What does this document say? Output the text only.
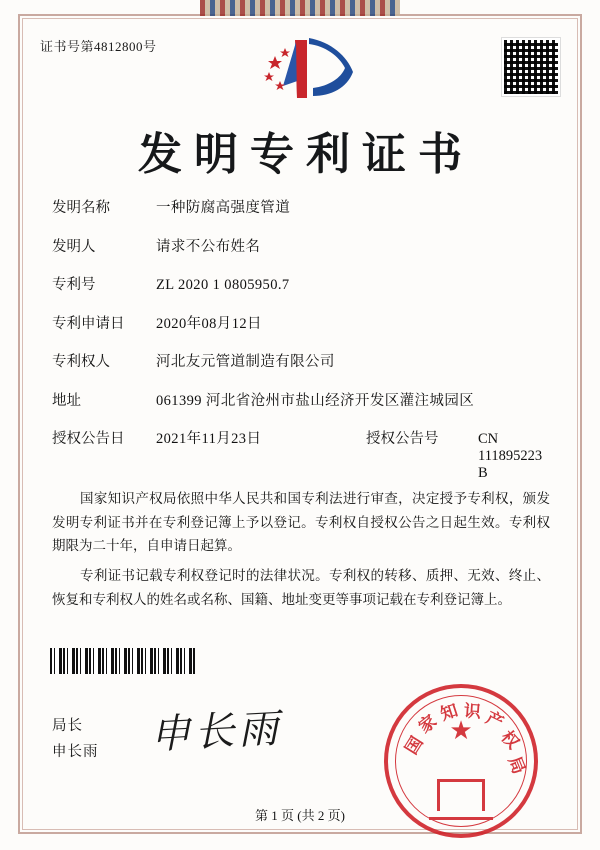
证书号第4812800号
发明专利证书
发明名称	一种防腐高强度管道
发明人	请求不公布姓名
专利号	ZL 2020 1 0805950.7
专利申请日	2020年08月12日
专利权人	河北友元管道制造有限公司
地址	061399 河北省沧州市盐山经济开发区灌注城园区
授权公告日	2021年11月23日	授权公告号	CN 111895223 B

国家知识产权局依照中华人民共和国专利法进行审查，决定授予专利权，颁发发明专利证书并在专利登记簿上予以登记。专利权自授权公告之日起生效。专利权期限为二十年，自申请日起算。

专利证书记载专利权登记时的法律状况。专利权的转移、质押、无效、终止、恢复和专利权人的姓名或名称、国籍、地址变更等事项记载在专利登记簿上。

局长
申长雨 申长雨	★
国
家
知 识 产
权
局
第 1 页 (共 2 页)
